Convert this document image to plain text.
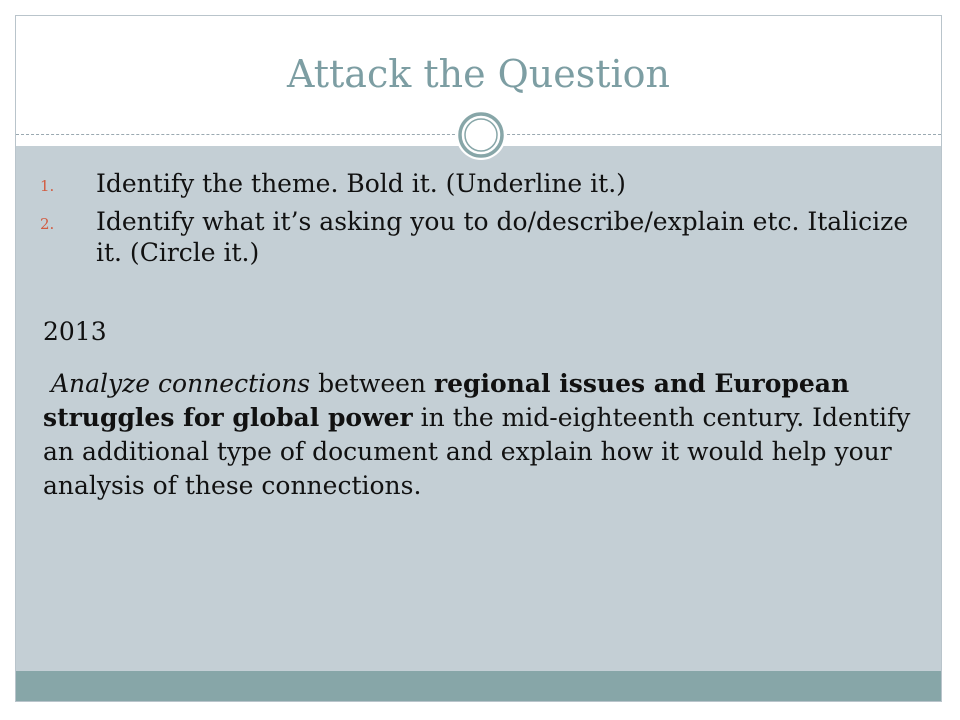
Attack the Question
1. Identify the theme. Bold it. (Underline it.)
2. Identify what it’s asking you to do/describe/explain etc. Italicize it. (Circle it.)
2013
Analyze connections between regional issues and European struggles for global power in the mid-eighteenth century. Identify an additional type of document and explain how it would help your analysis of these connections.
